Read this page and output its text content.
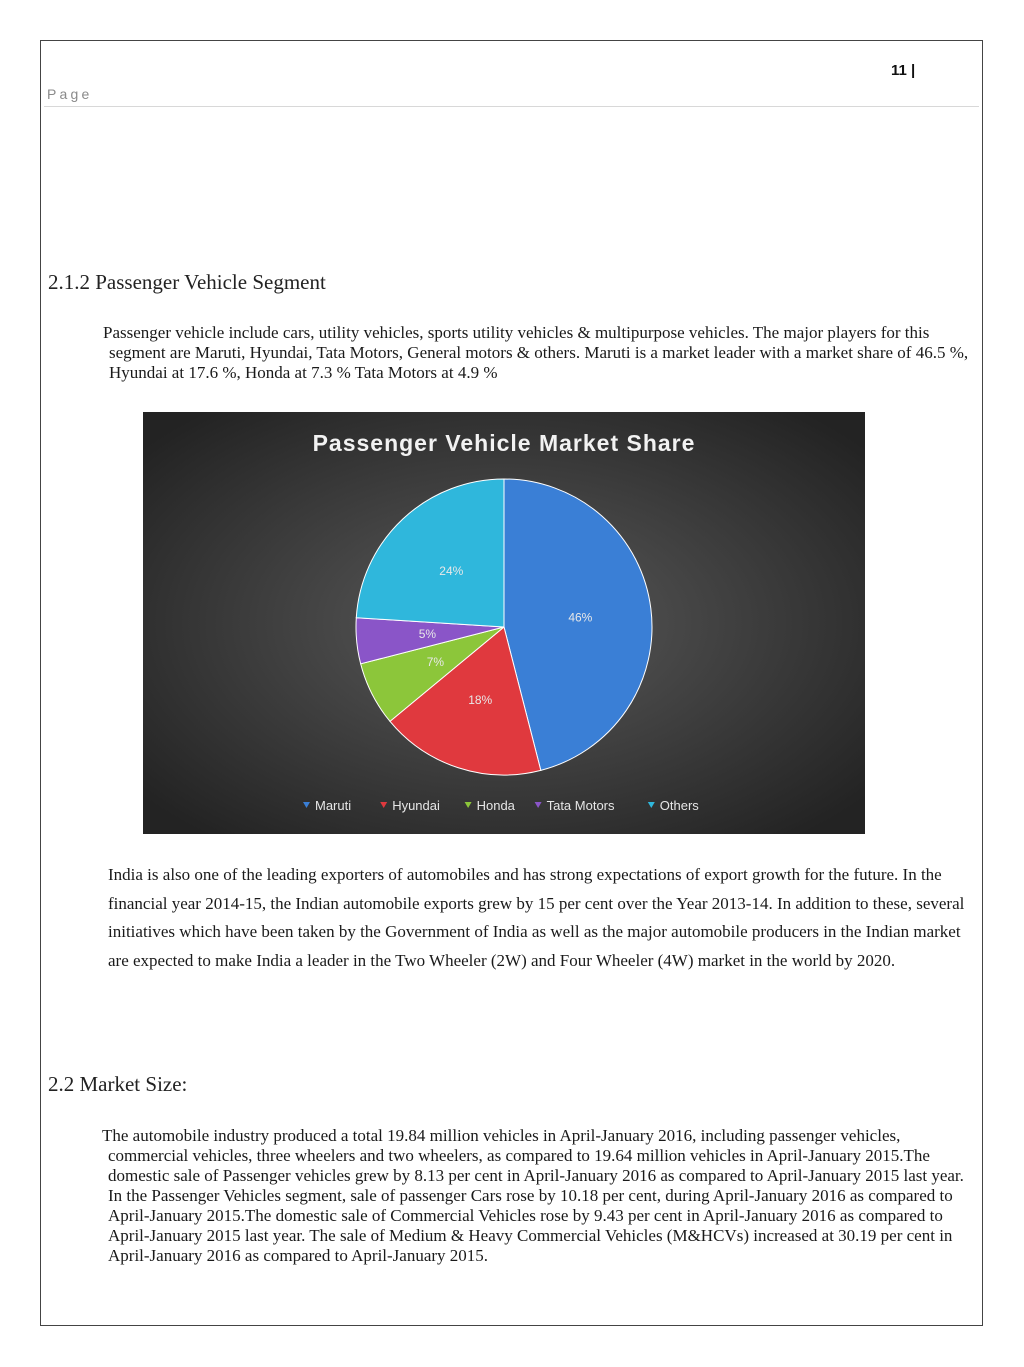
11 |
Page
2.1.2 Passenger Vehicle Segment

Passenger vehicle include cars, utility vehicles, sports utility vehicles & multipurpose vehicles. The major players for this segment are Maruti, Hyundai, Tata Motors, General motors & others. Maruti is a market leader with a market share of 46.5 %, Hyundai at 17.6 %, Honda at 7.3 % Tata Motors at 4.9 %

Passenger Vehicle Market Share
46%
18%
7%
5%
24%
Maruti	Hyundai	Honda Tata Motors	Others

India is also one of the leading exporters of automobiles and has strong expectations of export growth for the future. In the financial year 2014-15, the Indian automobile exports grew by 15 per cent over the Year 2013-14. In addition to these, several initiatives which have been taken by the Government of India as well as the major automobile producers in the Indian market are expected to make India a leader in the Two Wheeler (2W) and Four Wheeler (4W) market in the world by 2020.

2.2 Market Size:

The automobile industry produced a total 19.84 million vehicles in April-January 2016, including passenger vehicles, commercial vehicles, three wheelers and two wheelers, as compared to 19.64 million vehicles in April-January 2015.The domestic sale of Passenger vehicles grew by 8.13 per cent in April-January 2016 as compared to April-January 2015 last year. In the Passenger Vehicles segment, sale of passenger Cars rose by 10.18 per cent, during April-January 2016 as compared to April-January 2015.The domestic sale of Commercial Vehicles rose by 9.43 per cent in April-January 2016 as compared to April-January 2015 last year. The sale of Medium & Heavy Commercial Vehicles (M&HCVs) increased at 30.19 per cent in April-January 2016 as compared to April-January 2015.
